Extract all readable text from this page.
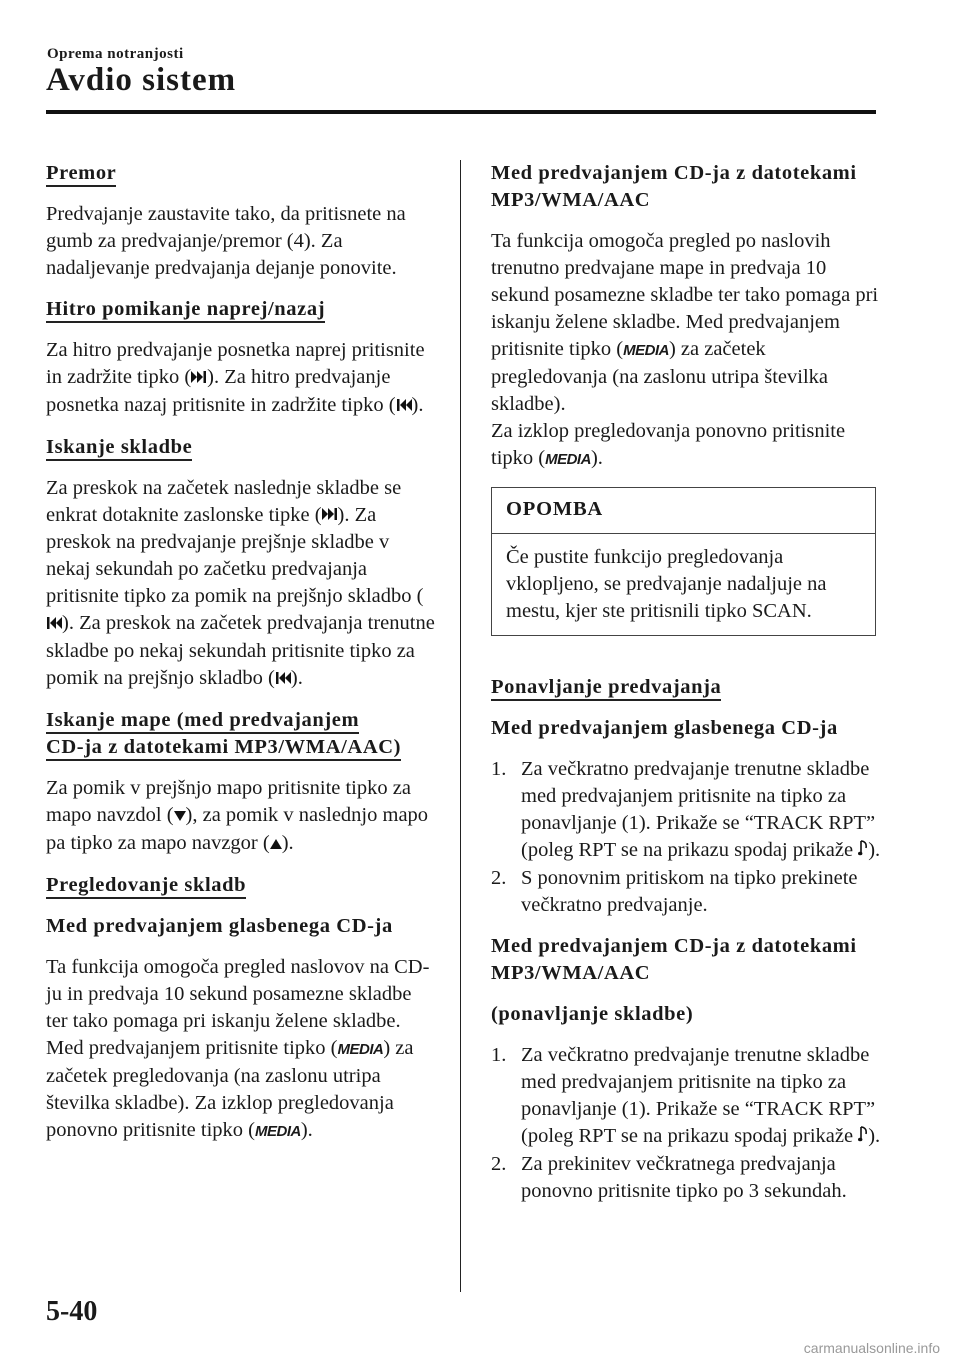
Oprema notranjosti
Avdio sistem
Premor

Predvajanje zaustavite tako, da pritisnete na gumb za predvajanje/premor (4). Za nadaljevanje predvajanja dejanje ponovite.

Hitro pomikanje naprej/nazaj

Za hitro predvajanje posnetka naprej pritisnite in zadržite tipko ( ). Za hitro predvajanje posnetka nazaj pritisnite in zadržite tipko ( ).

Iskanje skladbe

Za preskok na začetek naslednje skladbe se enkrat dotaknite zaslonske tipke ( ). Za preskok na predvajanje prejšnje skladbe v nekaj sekundah po začetku predvajanja pritisnite tipko za pomik na prejšnjo skladbo (). Za preskok na začetek predvajanja trenutne skladbe po nekaj sekundah pritisnite tipko za pomik na prejšnjo skladbo ( ).

Iskanje mape (med predvajanjem
CD-ja z datotekami MP3/WMA/AAC)

Za pomik v prejšnjo mapo pritisnite tipko za mapo navzdol ( ), za pomik v naslednjo mapo pa tipko za mapo navzgor ( ).

Pregledovanje skladb
Med predvajanjem glasbenega CD-ja

Ta funkcija omogoča pregled naslovov na CD-ju in predvaja 10 sekund posamezne skladbe ter tako pomaga pri iskanju želene skladbe.

Med predvajanjem pritisnite tipko (MEDIA) za začetek pregledovanja (na zaslonu utripa številka skladbe). Za izklop pregledovanja ponovno pritisnite tipko (MEDIA).

Med predvajanjem CD-ja z datotekami MP3/WMA/AAC

Ta funkcija omogoča pregled po naslovih trenutno predvajane mape in predvaja 10 sekund posamezne skladbe ter tako pomaga pri iskanju želene skladbe. Med predvajanjem pritisnite tipko (MEDIA) za začetek pregledovanja (na zaslonu utripa številka skladbe).

Za izklop pregledovanja ponovno pritisnite tipko (MEDIA).

OPOMBA
Če pustite funkcijo pregledovanja vklopljeno, se predvajanje nadaljuje na mestu, kjer ste pritisnili tipko SCAN.
Ponavljanje predvajanja
Med predvajanjem glasbenega CD-ja
1. Za večkratno predvajanje trenutne skladbe med predvajanjem pritisnite na tipko za ponavljanje (1). Prikaže se “TRACK RPT” (poleg RPT se na prikazu spodaj prikaže ).
2. S ponovnim pritiskom na tipko prekinete večkratno predvajanje.
Med predvajanjem CD-ja z datotekami MP3/WMA/AAC
(ponavljanje skladbe)
1. Za večkratno predvajanje trenutne skladbe med predvajanjem pritisnite na tipko za ponavljanje (1). Prikaže se “TRACK RPT” (poleg RPT se na prikazu spodaj prikaže ).
2. Za prekinitev večkratnega predvajanja ponovno pritisnite tipko po 3 sekundah.
5-40
carmanualsonline.info
